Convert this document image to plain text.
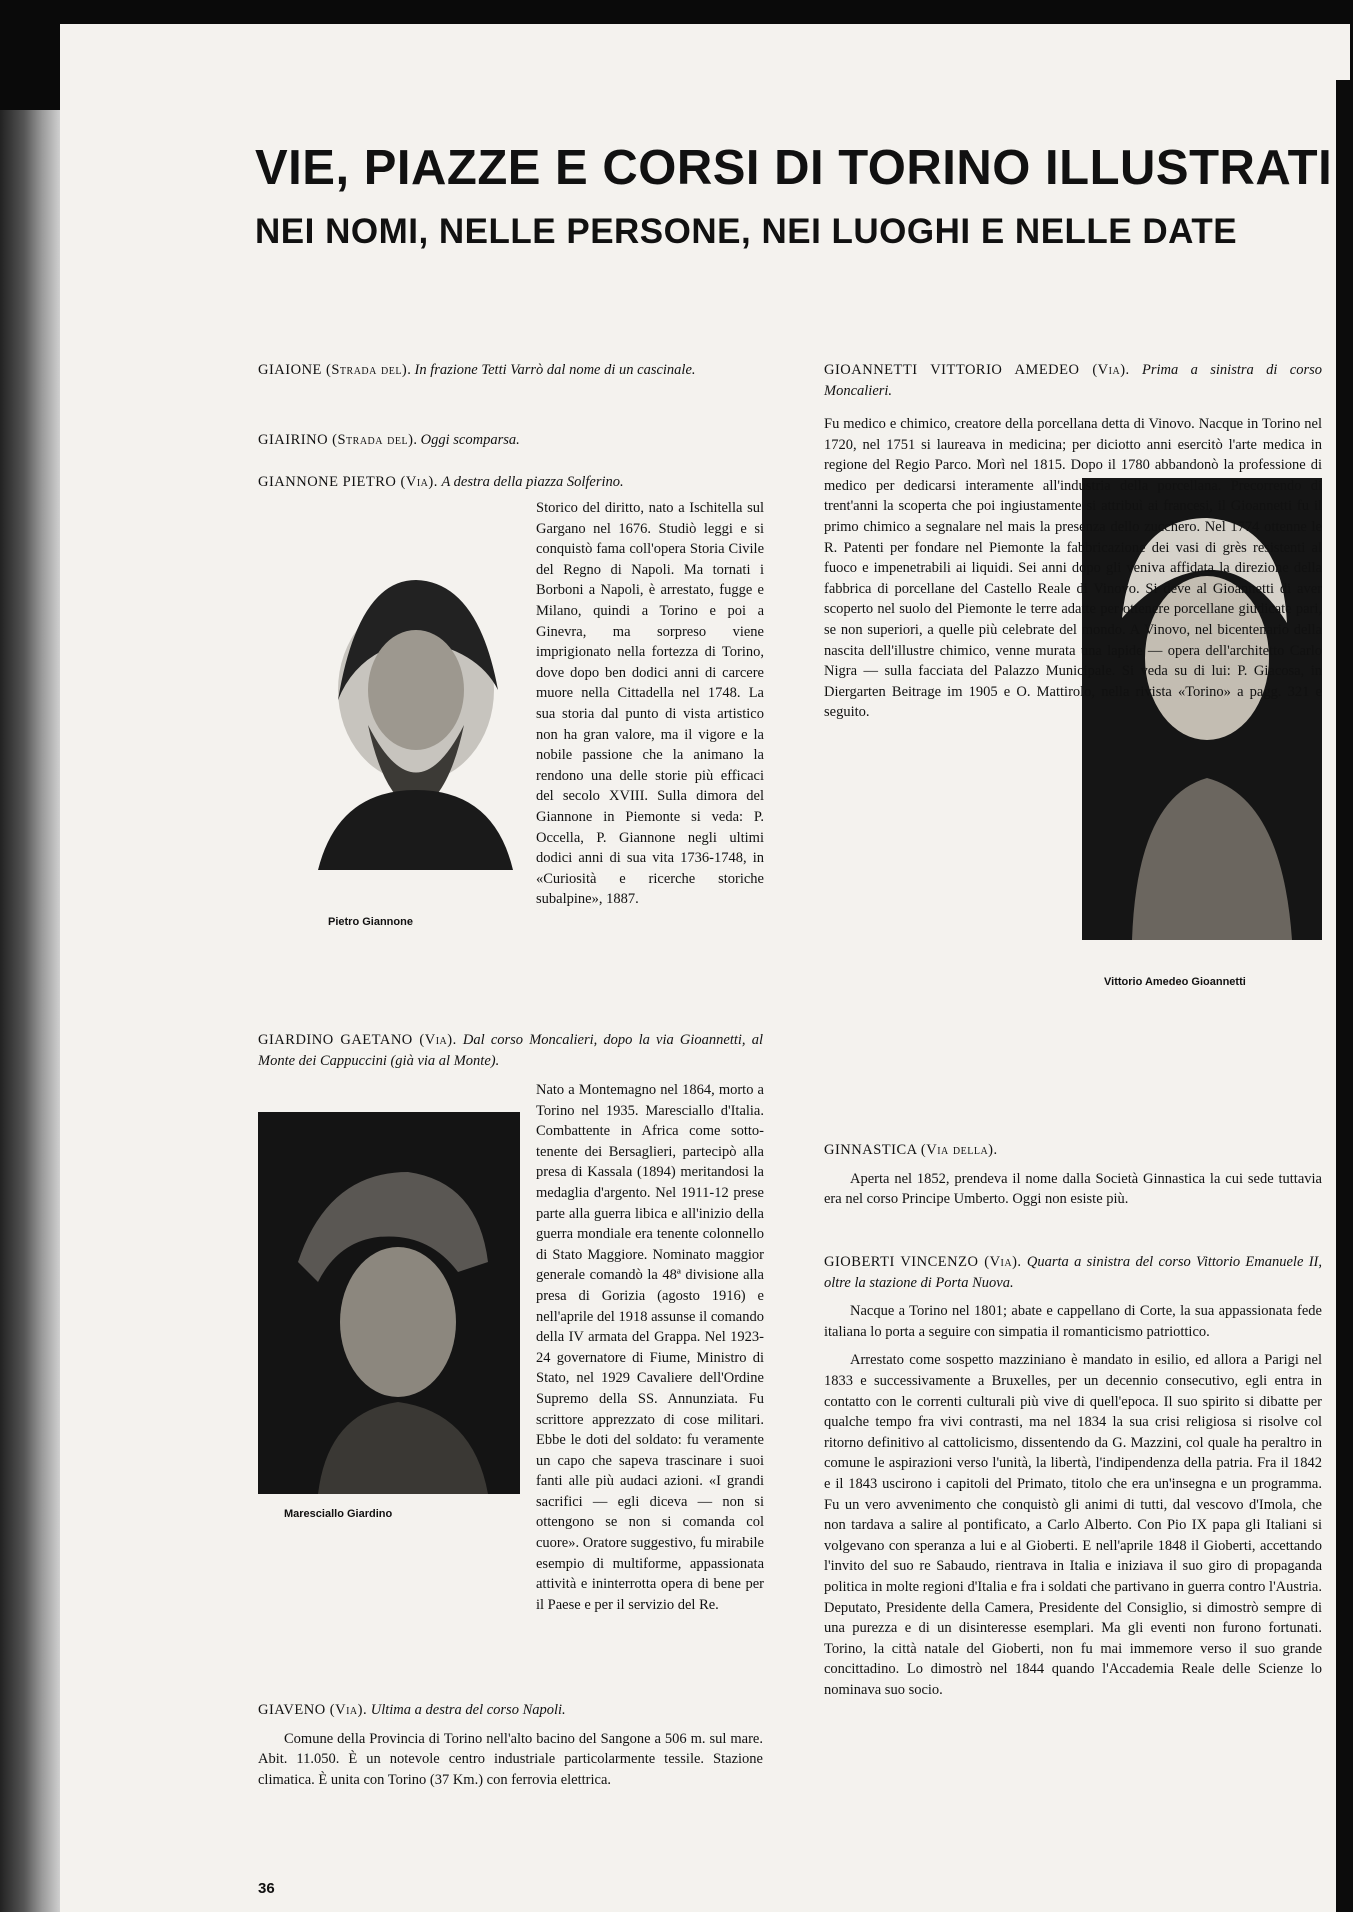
VIE, PIAZZE E CORSI DI TORINO ILLUSTRATI
NEI NOMI, NELLE PERSONE, NEI LUOGHI E NELLE DATE

GIAIONE (Strada del). In frazione Tetti Varrò dal nome di un cascinale.

GIAIRINO (Strada del). Oggi scomparsa.

GIANNONE PIETRO (Via). A destra della piazza Solferino.

Pietro Giannone

Storico del diritto, nato a Ischitella sul Gargano nel 1676. Studiò leggi e si conquistò fama coll'opera Storia Civile del Regno di Napoli. Ma tornati i Borboni a Napoli, è arrestato, fugge e Milano, quindi a Torino e poi a Ginevra, ma sorpreso viene imprigionato nella fortezza di Torino, dove dopo ben dodici anni di carcere muore nella Cittadella nel 1748. La sua storia dal punto di vista artistico non ha gran valore, ma il vigore e la nobile passione che la animano la rendono una delle storie più efficaci del secolo XVIII. Sulla dimora del Giannone in Piemonte si veda: P. Occella, P. Giannone negli ultimi dodici anni di sua vita 1736-1748, in «Curiosità e ricerche storiche subalpine», 1887.

GIARDINO GAETANO (Via). Dal corso Moncalieri, dopo la via Gioannetti, al Monte dei Cappuccini (già via al Monte).

Maresciallo Giardino

Nato a Montemagno nel 1864, morto a Torino nel 1935. Maresciallo d'Italia. Combattente in Africa come sotto-tenente dei Bersaglieri, partecipò alla presa di Kassala (1894) meritandosi la medaglia d'argento. Nel 1911-12 prese parte alla guerra libica e all'inizio della guerra mondiale era tenente colonnello di Stato Maggiore. Nominato maggior generale comandò la 48ª divisione alla presa di Gorizia (agosto 1916) e nell'aprile del 1918 assunse il comando della IV armata del Grappa. Nel 1923-24 governatore di Fiume, Ministro di Stato, nel 1929 Cavaliere dell'Ordine Supremo della SS. Annunziata. Fu scrittore apprezzato di cose militari. Ebbe le doti del soldato: fu veramente un capo che sapeva trascinare i suoi fanti alle più audaci azioni. «I grandi sacrifici — egli diceva — non si ottengono se non si comanda col cuore». Oratore suggestivo, fu mirabile esempio di multiforme, appassionata attività e ininterrotta opera di bene per il Paese e per il servizio del Re.

GIAVENO (Via). Ultima a destra del corso Napoli.

Comune della Provincia di Torino nell'alto bacino del Sangone a 506 m. sul mare. Abit. 11.050. È un notevole centro industriale particolarmente tessile. Stazione climatica. È unita con Torino (37 Km.) con ferrovia elettrica.

GIOANNETTI VITTORIO AMEDEO (Via). Prima a sinistra di corso Moncalieri.

Vittorio Amedeo Gioannetti

Fu medico e chimico, creatore della porcellana detta di Vinovo. Nacque in Torino nel 1720, nel 1751 si laureava in medicina; per diciotto anni esercitò l'arte medica in regione del Regio Parco. Morì nel 1815. Dopo il 1780 abbandonò la professione di medico per dedicarsi interamente all'industria della porcellana. Precorrendo di trent'anni la scoperta che poi ingiustamente si attribuì ai francesi, il Gioannetti fu il primo chimico a segnalare nel mais la presenza dello zucchero. Nel 1774 ottenne le R. Patenti per fondare nel Piemonte la fabbricazione dei vasi di grès resistenti al fuoco e impenetrabili ai liquidi. Sei anni dopo gli veniva affidata la direzione della fabbrica di porcellane del Castello Reale di Vinovo. Si deve al Gioannetti di aver scoperto nel suolo del Piemonte le terre adatte per ottenere porcellane giudicate pari, se non superiori, a quelle più celebrate del mondo. A Vinovo, nel bicentenario della nascita dell'illustre chimico, venne murata una lapide — opera dell'architetto Carlo Nigra — sulla facciata del Palazzo Municipale. Si veda su di lui: P. Giacosa, in Diergarten Beitrage im 1905 e O. Mattirolo, nella rivista «Torino» a pagg. 321 e seguito.

GINNASTICA (Via della).

Aperta nel 1852, prendeva il nome dalla Società Ginnastica la cui sede tuttavia era nel corso Principe Umberto. Oggi non esiste più.

GIOBERTI VINCENZO (Via). Quarta a sinistra del corso Vittorio Emanuele II, oltre la stazione di Porta Nuova.

Nacque a Torino nel 1801; abate e cappellano di Corte, la sua appassionata fede italiana lo porta a seguire con simpatia il romanticismo patriottico.

Arrestato come sospetto mazziniano è mandato in esilio, ed allora a Parigi nel 1833 e successivamente a Bruxelles, per un decennio consecutivo, egli entra in contatto con le correnti culturali più vive di quell'epoca. Il suo spirito si dibatte per qualche tempo fra vivi contrasti, ma nel 1834 la sua crisi religiosa si risolve col ritorno definitivo al cattolicismo, dissentendo da G. Mazzini, col quale ha peraltro in comune le aspirazioni verso l'unità, la libertà, l'indipendenza della patria. Fra il 1842 e il 1843 uscirono i capitoli del Primato, titolo che era un'insegna e un programma. Fu un vero avvenimento che conquistò gli animi di tutti, dal vescovo d'Imola, che non tardava a salire al pontificato, a Carlo Alberto. Con Pio IX papa gli Italiani si volgevano con speranza a lui e al Gioberti. E nell'aprile 1848 il Gioberti, accettando l'invito del suo re Sabaudo, rientrava in Italia e iniziava il suo giro di propaganda politica in molte regioni d'Italia e fra i soldati che partivano in guerra contro l'Austria. Deputato, Presidente della Camera, Presidente del Consiglio, si dimostrò sempre di una purezza e di un disinteresse esemplari. Ma gli eventi non furono fortunati. Torino, la città natale del Gioberti, non fu mai immemore verso il suo grande concittadino. Lo dimostrò nel 1844 quando l'Accademia Reale delle Scienze lo nominava suo socio.

36
